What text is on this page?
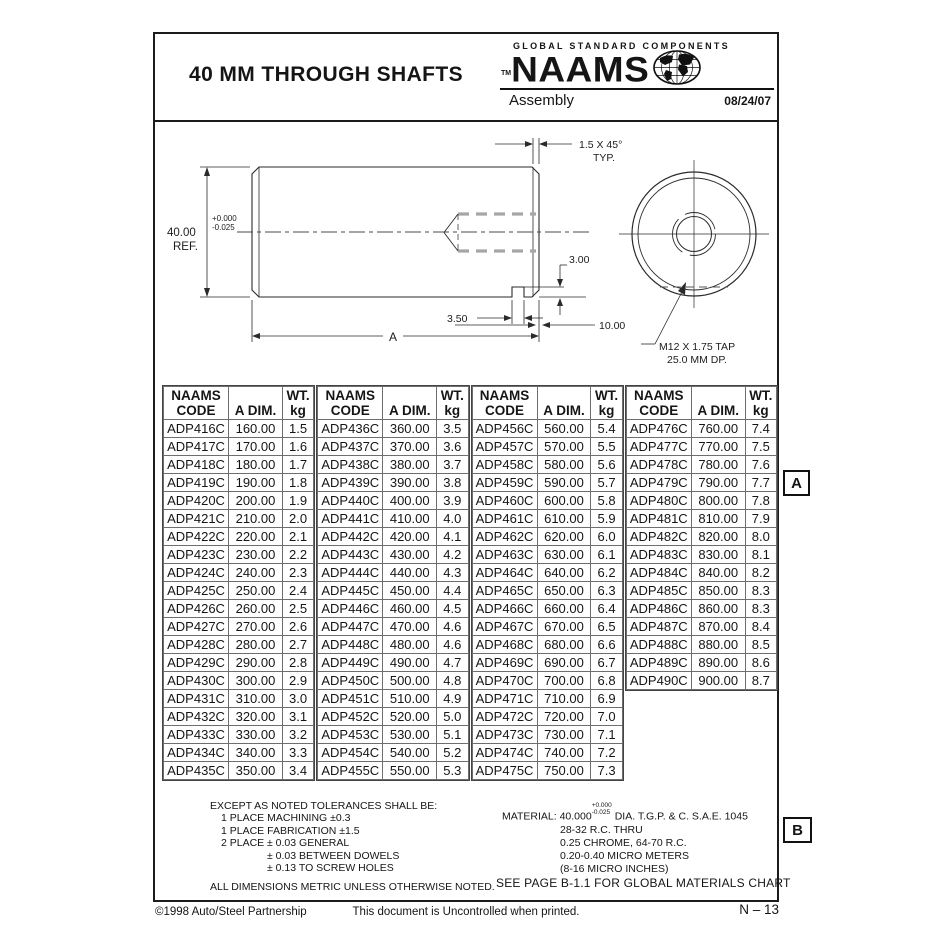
40 MM THROUGH SHAFTS
GLOBAL STANDARD COMPONENTS
TM NAAMS
Assembly	08/24/07
40.00
REF.
+0.000
-0.025
1.5 X 45°
TYP.
3.00
3.50
10.00
A
M12 X 1.75 TAP
25.0 MM DP.
NAAMS
CODE	A DIM.	WT.
kg
ADP416C	160.00	1.5
ADP417C	170.00	1.6
ADP418C	180.00	1.7
ADP419C	190.00	1.8
ADP420C	200.00	1.9
ADP421C	210.00	2.0
ADP422C	220.00	2.1
ADP423C	230.00	2.2
ADP424C	240.00	2.3
ADP425C	250.00	2.4
ADP426C	260.00	2.5
ADP427C	270.00	2.6
ADP428C	280.00	2.7
ADP429C	290.00	2.8
ADP430C	300.00	2.9
ADP431C	310.00	3.0
ADP432C	320.00	3.1
ADP433C	330.00	3.2
ADP434C	340.00	3.3
ADP435C	350.00	3.4
NAAMS
CODE	A DIM.	WT.
kg
ADP436C	360.00	3.5
ADP437C	370.00	3.6
ADP438C	380.00	3.7
ADP439C	390.00	3.8
ADP440C	400.00	3.9
ADP441C	410.00	4.0
ADP442C	420.00	4.1
ADP443C	430.00	4.2
ADP444C	440.00	4.3
ADP445C	450.00	4.4
ADP446C	460.00	4.5
ADP447C	470.00	4.6
ADP448C	480.00	4.6
ADP449C	490.00	4.7
ADP450C	500.00	4.8
ADP451C	510.00	4.9
ADP452C	520.00	5.0
ADP453C	530.00	5.1
ADP454C	540.00	5.2
ADP455C	550.00	5.3
NAAMS
CODE	A DIM.	WT.
kg
ADP456C	560.00	5.4
ADP457C	570.00	5.5
ADP458C	580.00	5.6
ADP459C	590.00	5.7
ADP460C	600.00	5.8
ADP461C	610.00	5.9
ADP462C	620.00	6.0
ADP463C	630.00	6.1
ADP464C	640.00	6.2
ADP465C	650.00	6.3
ADP466C	660.00	6.4
ADP467C	670.00	6.5
ADP468C	680.00	6.6
ADP469C	690.00	6.7
ADP470C	700.00	6.8
ADP471C	710.00	6.9
ADP472C	720.00	7.0
ADP473C	730.00	7.1
ADP474C	740.00	7.2
ADP475C	750.00	7.3
NAAMS
CODE	A DIM.	WT.
kg
ADP476C	760.00	7.4
ADP477C	770.00	7.5
ADP478C	780.00	7.6
ADP479C	790.00	7.7
ADP480C	800.00	7.8
ADP481C	810.00	7.9
ADP482C	820.00	8.0
ADP483C	830.00	8.1
ADP484C	840.00	8.2
ADP485C	850.00	8.3
ADP486C	860.00	8.3
ADP487C	870.00	8.4
ADP488C	880.00	8.5
ADP489C	890.00	8.6
ADP490C	900.00	8.7
EXCEPT AS NOTED TOLERANCES SHALL BE:
1 PLACE MACHINING ±0.3
1 PLACE FABRICATION ±1.5
2 PLACE ± 0.03 GENERAL
± 0.03 BETWEEN DOWELS
± 0.13 TO SCREW HOLES
ALL DIMENSIONS METRIC UNLESS OTHERWISE NOTED.
MATERIAL: 40.000+0.000
-0.025 DIA. T.G.P. & C. S.A.E. 1045
28-32 R.C. THRU
0.25 CHROME, 64-70 R.C.
0.20-0.40 MICRO METERS
(8-16 MICRO INCHES)
SEE PAGE B-1.1 FOR GLOBAL MATERIALS CHART
A
B
©1998 Auto/Steel Partnership	This document is Uncontrolled when printed.	N – 13
